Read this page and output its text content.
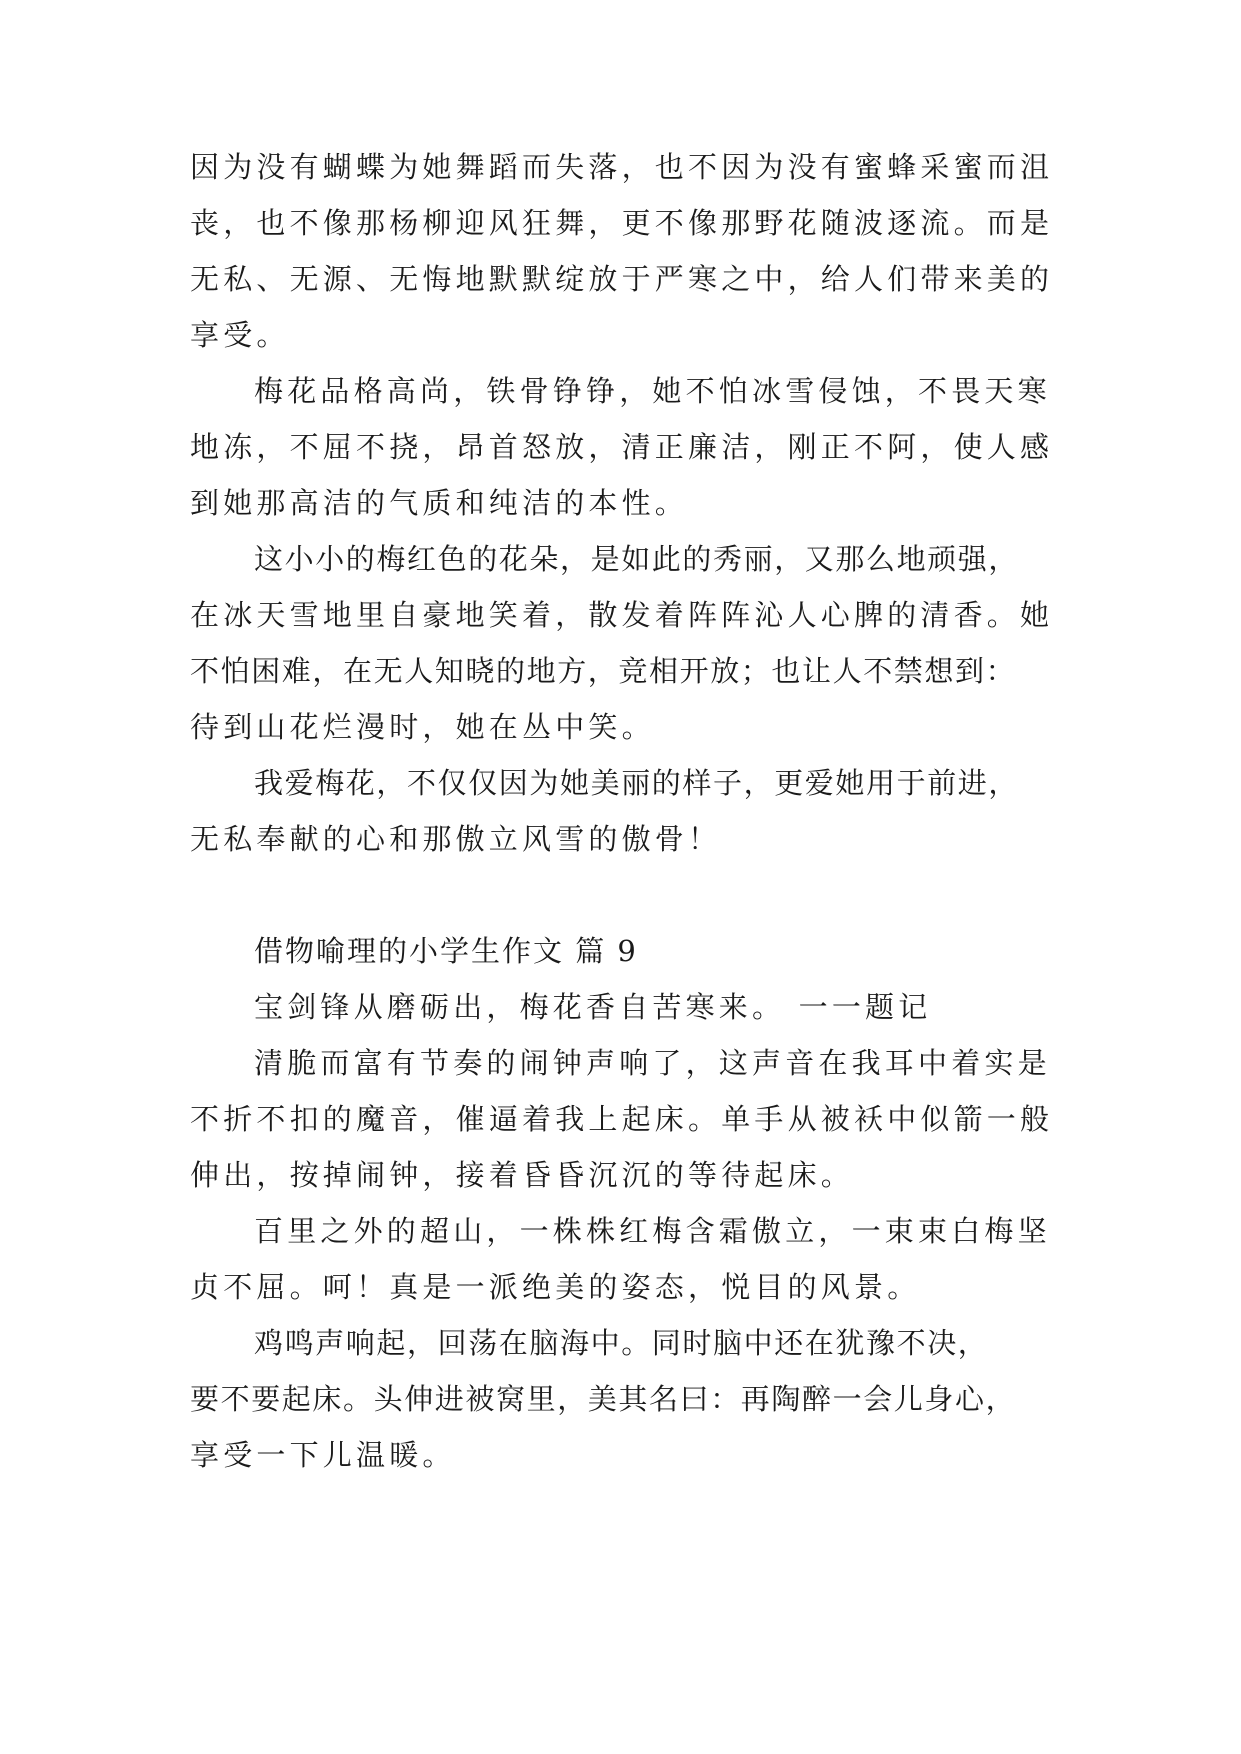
因为没有蝴蝶为她舞蹈而失落，也不因为没有蜜蜂采蜜而沮
丧，也不像那杨柳迎风狂舞，更不像那野花随波逐流。而是
无私、无源、无悔地默默绽放于严寒之中，给人们带来美的
享受。
梅花品格高尚，铁骨铮铮，她不怕冰雪侵蚀，不畏天寒
地冻，不屈不挠，昂首怒放，清正廉洁，刚正不阿，使人感
到她那高洁的气质和纯洁的本性。
这小小的梅红色的花朵，是如此的秀丽，又那么地顽强，
在冰天雪地里自豪地笑着，散发着阵阵沁人心脾的清香。她
不怕困难，在无人知晓的地方，竞相开放；也让人不禁想到：
待到山花烂漫时，她在丛中笑。
我爱梅花，不仅仅因为她美丽的样子，更爱她用于前进，
无私奉献的心和那傲立风雪的傲骨！
借物喻理的小学生作文 篇 9
宝剑锋从磨砺出，梅花香自苦寒来。 一一题记
清脆而富有节奏的闹钟声响了，这声音在我耳中着实是
不折不扣的魔音，催逼着我上起床。单手从被袄中似箭一般
伸出，按掉闹钟，接着昏昏沉沉的等待起床。
百里之外的超山，一株株红梅含霜傲立，一束束白梅坚
贞不屈。呵！真是一派绝美的姿态，悦目的风景。
鸡鸣声响起，回荡在脑海中。同时脑中还在犹豫不决，
要不要起床。头伸进被窝里，美其名曰：再陶醉一会儿身心，
享受一下儿温暖。
